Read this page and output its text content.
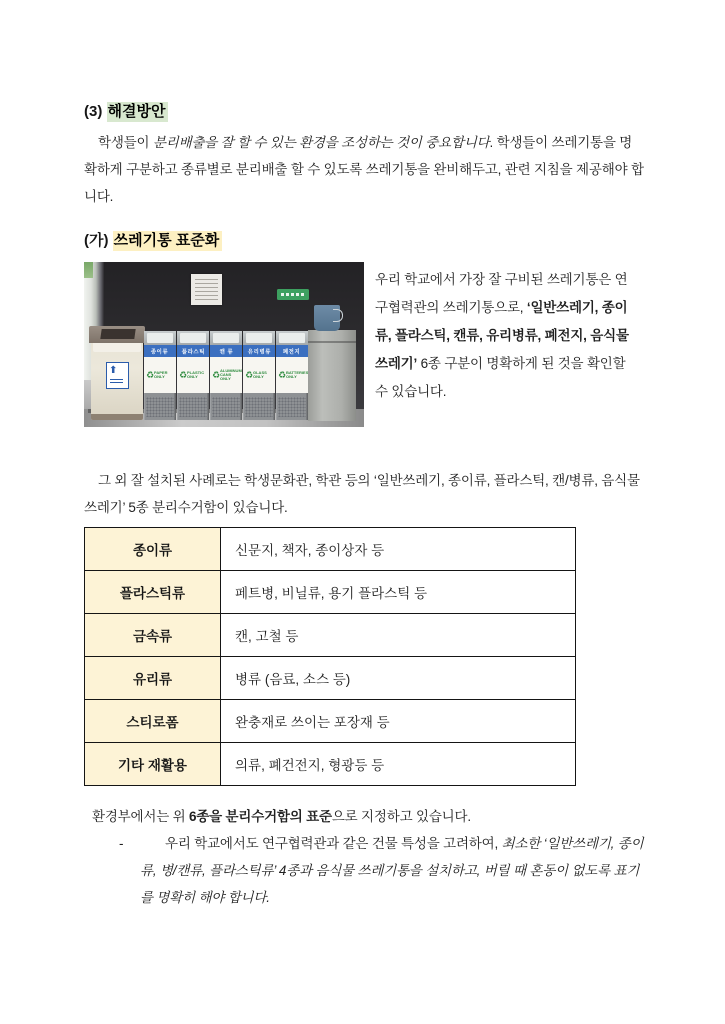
(3) 해결방안

학생들이 분리배출을 잘 할 수 있는 환경을 조성하는 것이 중요합니다. 학생들이 쓰레기통을 명확하게 구분하고 종류별로 분리배출 할 수 있도록 쓰레기통을 완비해두고, 관련 지침을 제공해야 합니다.

(가) 쓰레기통 표준화
⬆
종이류
♻ PAPER ONLY
플라스틱
♻ PLASTIC ONLY
캔 류
♻ ALUMINUM CANS ONLY
유리병류
♻ GLASS ONLY
폐전지
♻ BATTERIES ONLY

우리 학교에서 가장 잘 구비된 쓰레기통은 연구협력관의 쓰레기통으로, ‘일반쓰레기, 종이류, 플라스틱, 캔류, 유리병류, 폐전지, 음식물 쓰레기’ 6종 구분이 명확하게 된 것을 확인할 수 있습니다.

그 외 잘 설치된 사례로는 학생문화관, 학관 등의 ‘일반쓰레기, 종이류, 플라스틱, 캔/병류, 음식물 쓰레기’ 5종 분리수거함이 있습니다.

종이류	신문지, 책자, 종이상자 등
플라스틱류	페트병, 비닐류, 용기 플라스틱 등
금속류	캔, 고철 등
유리류	병류 (음료, 소스 등)
스티로폼	완충재로 쓰이는 포장재 등
기타 재활용	의류, 폐건전지, 형광등 등

환경부에서는 위 6종을 분리수거함의 표준으로 지정하고 있습니다.

-	우리 학교에서도 연구협력관과 같은 건물 특성을 고려하여, 최소한 ‘일반쓰레기, 종이류, 병/캔류, 플라스틱류’ 4종과 음식물 쓰레기통을 설치하고, 버릴 때 혼동이 없도록 표기를 명확히 해야 합니다.
